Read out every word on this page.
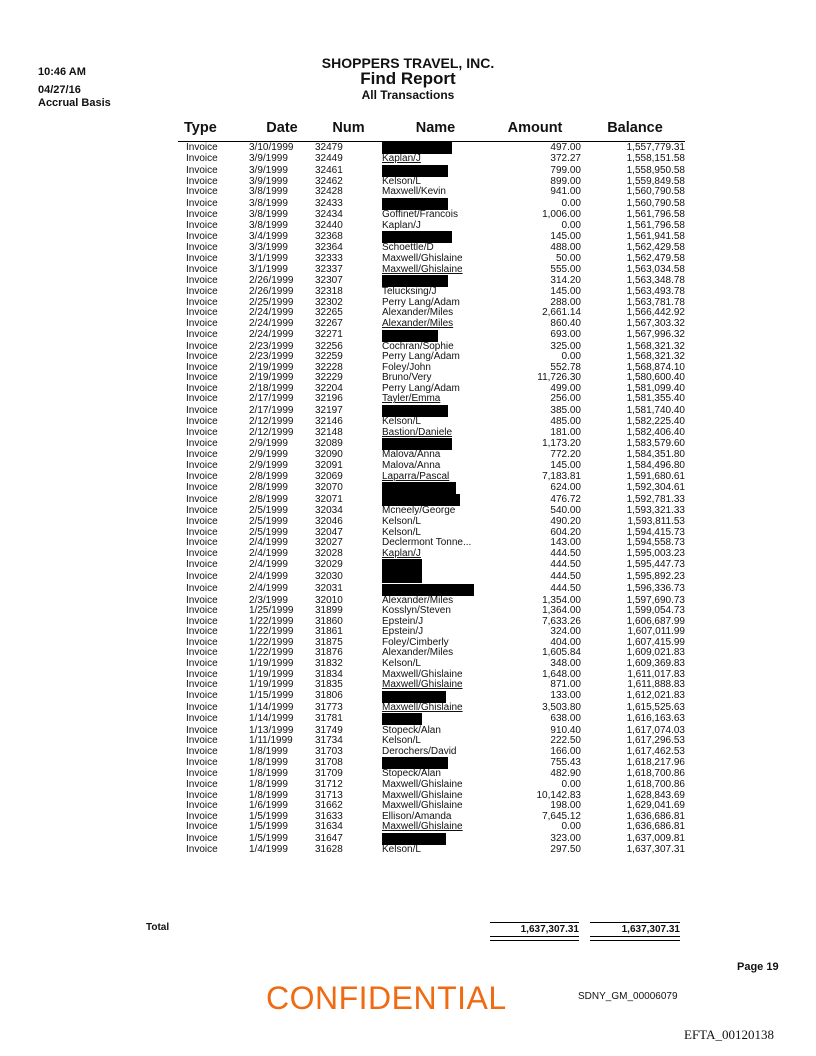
10:46 AM
04/27/16
Accrual Basis
SHOPPERS TRAVEL, INC.
Find Report
All Transactions
Type	Date	Num	Name	Amount	Balance
Invoice	3/10/1999	32479		497.00	1,557,779.31
Invoice	3/9/1999	32449	Kaplan/J	372.27	1,558,151.58
Invoice	3/9/1999	32461		799.00	1,558,950.58
Invoice	3/9/1999	32462	Kelson/L	899.00	1,559,849.58
Invoice	3/8/1999	32428	Maxwell/Kevin	941.00	1,560,790.58
Invoice	3/8/1999	32433		0.00	1,560,790.58
Invoice	3/8/1999	32434	Goffinet/Francois	1,006.00	1,561,796.58
Invoice	3/8/1999	32440	Kaplan/J	0.00	1,561,796.58
Invoice	3/4/1999	32368		145.00	1,561,941.58
Invoice	3/3/1999	32364	Schoettle/D	488.00	1,562,429.58
Invoice	3/1/1999	32333	Maxwell/Ghislaine	50.00	1,562,479.58
Invoice	3/1/1999	32337	Maxwell/Ghislaine	555.00	1,563,034.58
Invoice	2/26/1999	32307		314.20	1,563,348.78
Invoice	2/26/1999	32318	Telucksing/J	145.00	1,563,493.78
Invoice	2/25/1999	32302	Perry Lang/Adam	288.00	1,563,781.78
Invoice	2/24/1999	32265	Alexander/Miles	2,661.14	1,566,442.92
Invoice	2/24/1999	32267	Alexander/Miles	860.40	1,567,303.32
Invoice	2/24/1999	32271		693.00	1,567,996.32
Invoice	2/23/1999	32256	Cochran/Sophie	325.00	1,568,321.32
Invoice	2/23/1999	32259	Perry Lang/Adam	0.00	1,568,321.32
Invoice	2/19/1999	32228	Foley/John	552.78	1,568,874.10
Invoice	2/19/1999	32229	Bruno/Very	11,726.30	1,580,600.40
Invoice	2/18/1999	32204	Perry Lang/Adam	499.00	1,581,099.40
Invoice	2/17/1999	32196	Tayler/Emma	256.00	1,581,355.40
Invoice	2/17/1999	32197		385.00	1,581,740.40
Invoice	2/12/1999	32146	Kelson/L	485.00	1,582,225.40
Invoice	2/12/1999	32148	Bastion/Daniele	181.00	1,582,406.40
Invoice	2/9/1999	32089		1,173.20	1,583,579.60
Invoice	2/9/1999	32090	Malova/Anna	772.20	1,584,351.80
Invoice	2/9/1999	32091	Malova/Anna	145.00	1,584,496.80
Invoice	2/8/1999	32069	Laparra/Pascal	7,183.81	1,591,680.61
Invoice	2/8/1999	32070		624.00	1,592,304.61
Invoice	2/8/1999	32071		476.72	1,592,781.33
Invoice	2/5/1999	32034	Mcneely/George	540.00	1,593,321.33
Invoice	2/5/1999	32046	Kelson/L	490.20	1,593,811.53
Invoice	2/5/1999	32047	Kelson/L	604.20	1,594,415.73
Invoice	2/4/1999	32027	Declermont Tonne...	143.00	1,594,558.73
Invoice	2/4/1999	32028	Kaplan/J	444.50	1,595,003.23
Invoice	2/4/1999	32029		444.50	1,595,447.73
Invoice	2/4/1999	32030		444.50	1,595,892.23
Invoice	2/4/1999	32031		444.50	1,596,336.73
Invoice	2/3/1999	32010	Alexander/Miles	1,354.00	1,597,690.73
Invoice	1/25/1999	31899	Kosslyn/Steven	1,364.00	1,599,054.73
Invoice	1/22/1999	31860	Epstein/J	7,633.26	1,606,687.99
Invoice	1/22/1999	31861	Epstein/J	324.00	1,607,011.99
Invoice	1/22/1999	31875	Foley/Cimberly	404.00	1,607,415.99
Invoice	1/22/1999	31876	Alexander/Miles	1,605.84	1,609,021.83
Invoice	1/19/1999	31832	Kelson/L	348.00	1,609,369.83
Invoice	1/19/1999	31834	Maxwell/Ghislaine	1,648.00	1,611,017.83
Invoice	1/19/1999	31835	Maxwell/Ghislaine	871.00	1,611,888.83
Invoice	1/15/1999	31806		133.00	1,612,021.83
Invoice	1/14/1999	31773	Maxwell/Ghislaine	3,503.80	1,615,525.63
Invoice	1/14/1999	31781		638.00	1,616,163.63
Invoice	1/13/1999	31749	Stopeck/Alan	910.40	1,617,074.03
Invoice	1/11/1999	31734	Kelson/L	222.50	1,617,296.53
Invoice	1/8/1999	31703	Derochers/David	166.00	1,617,462.53
Invoice	1/8/1999	31708		755.43	1,618,217.96
Invoice	1/8/1999	31709	Stopeck/Alan	482.90	1,618,700.86
Invoice	1/8/1999	31712	Maxwell/Ghislaine	0.00	1,618,700.86
Invoice	1/8/1999	31713	Maxwell/Ghislaine	10,142.83	1,628,843.69
Invoice	1/6/1999	31662	Maxwell/Ghislaine	198.00	1,629,041.69
Invoice	1/5/1999	31633	Ellison/Amanda	7,645.12	1,636,686.81
Invoice	1/5/1999	31634	Maxwell/Ghislaine	0.00	1,636,686.81
Invoice	1/5/1999	31647		323.00	1,637,009.81
Invoice	1/4/1999	31628	Kelson/L	297.50	1,637,307.31
Total	1,637,307.31	1,637,307.31
Page 19
SDNY_GM_00006079
CONFIDENTIAL
EFTA_00120138
